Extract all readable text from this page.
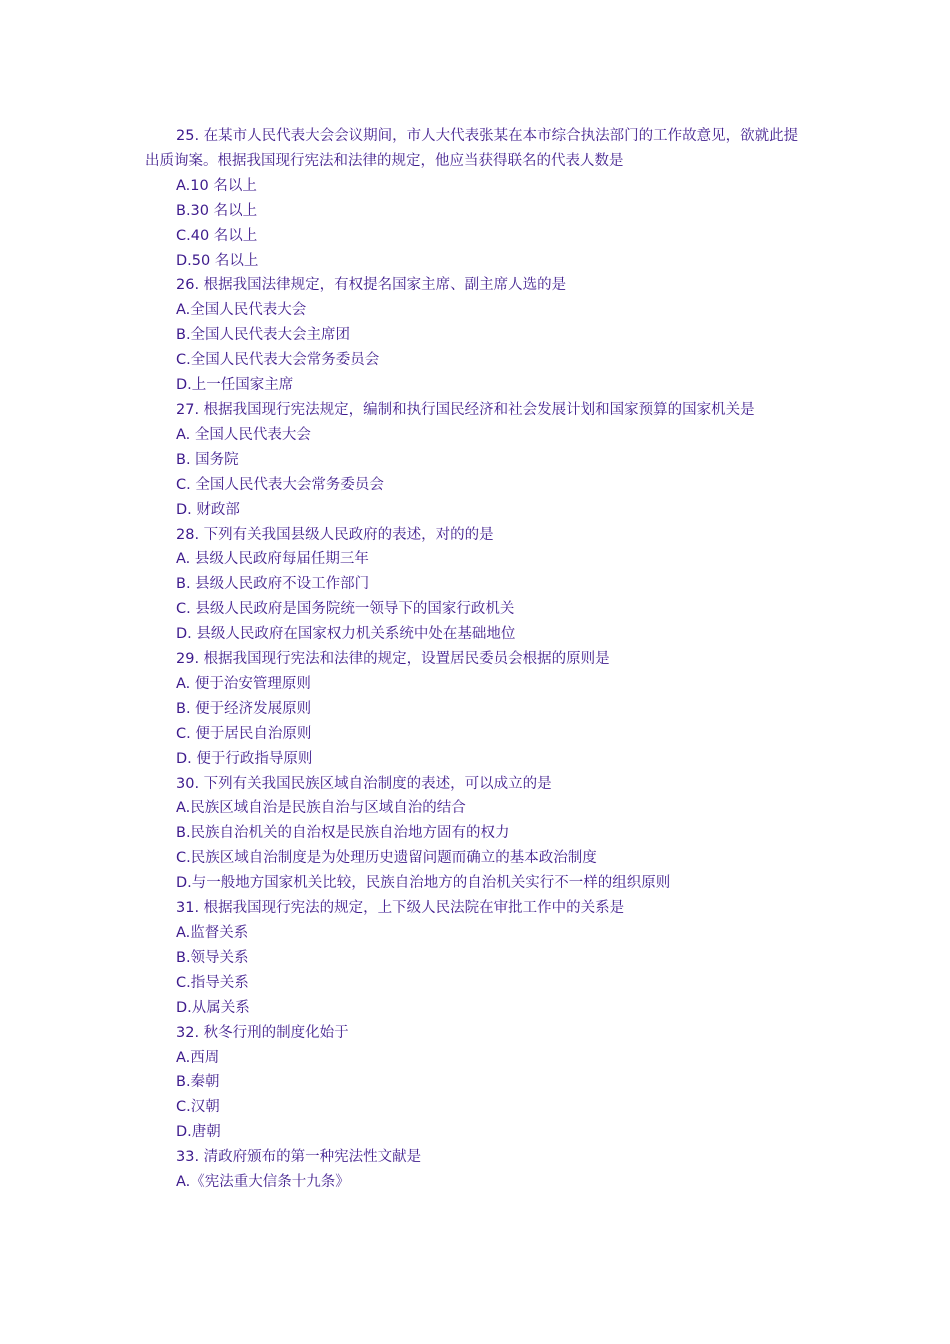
25. 在某市人民代表大会会议期间，市人大代表张某在本市综合执法部门的工作故意见，欲就此提出质询案。根据我国现行宪法和法律的规定，他应当获得联名的代表人数是

A.10 名以上
B.30 名以上
C.40 名以上
D.50 名以上

26. 根据我国法律规定，有权提名国家主席、副主席人选的是

A.全国人民代表大会
B.全国人民代表大会主席团
C.全国人民代表大会常务委员会
D.上一任国家主席

27. 根据我国现行宪法规定，编制和执行国民经济和社会发展计划和国家预算的国家机关是

A. 全国人民代表大会
B. 国务院
C. 全国人民代表大会常务委员会
D. 财政部

28. 下列有关我国县级人民政府的表述，对的的是

A. 县级人民政府每届任期三年
B. 县级人民政府不设工作部门
C. 县级人民政府是国务院统一领导下的国家行政机关
D. 县级人民政府在国家权力机关系统中处在基础地位

29. 根据我国现行宪法和法律的规定，设置居民委员会根据的原则是

A. 便于治安管理原则
B. 便于经济发展原则
C. 便于居民自治原则
D. 便于行政指导原则

30. 下列有关我国民族区域自治制度的表述，可以成立的是

A.民族区域自治是民族自治与区域自治的结合
B.民族自治机关的自治权是民族自治地方固有的权力
C.民族区域自治制度是为处理历史遗留问题而确立的基本政治制度
D.与一般地方国家机关比较，民族自治地方的自治机关实行不一样的组织原则

31. 根据我国现行宪法的规定，上下级人民法院在审批工作中的关系是

A.监督关系
B.领导关系
C.指导关系
D.从属关系

32. 秋冬行刑的制度化始于

A.西周
B.秦朝
C.汉朝
D.唐朝

33. 清政府颁布的第一种宪法性文献是

A.《宪法重大信条十九条》
